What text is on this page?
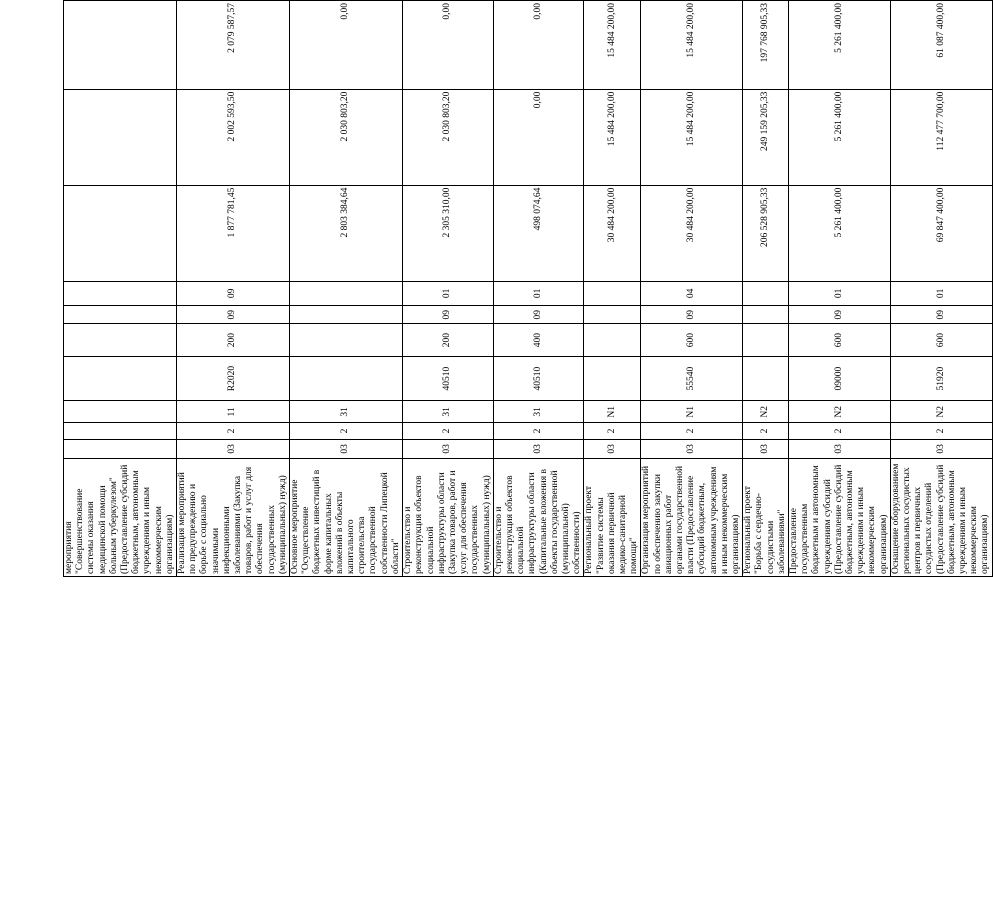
мероприятия "Совершенствование системы оказания медицинской помощи больным туберкулезом" (Предоставление субсидий бюджетным, автономным учреждениям и иным некоммерческим организациям)										
Реализация мероприятий по предупреждению и борьбе с социально значимыми инфекционными заболеваниями (Закупка товаров, работ и услуг для обеспечения государственных (муниципальных) нужд)	03	2	11	R2020	200	09	09	1 877 781,45	2 002 593,50	2 079 587,57
Основное мероприятие "Осуществление бюджетных инвестиций в форме капитальных вложений в объекты капитального строительства государственной собственности Липецкой области"	03	2	31					2 803 384,64	2 030 803,20	0,00
Строительство и реконструкция объектов социальной инфраструктуры области (Закупка товаров, работ и услуг для обеспечения государственных (муниципальных) нужд)	03	2	31	40510	200	09	01	2 305 310,00	2 030 803,20	0,00
Строительство и реконструкция объектов социальной инфраструктуры области (Капитальные вложения в объекты государственной (муниципальной) собственности)	03	2	31	40510	400	09	01	498 074,64	0,00	0,00
Региональный проект "Развитие системы оказания первичной медико-санитарной помощи"	03	2	N1					30 484 200,00	15 484 200,00	15 484 200,00
Организация мероприятий по обеспечению закупки авиационных работ органами государственной власти (Предоставление субсидий бюджетным, автономным учреждениям и иным некоммерческим организациям)	03	2	N1	55540	600	09	04	30 484 200,00	15 484 200,00	15 484 200,00
Региональный проект "Борьба с сердечно-сосудистыми заболеваниями"	03	2	N2					206 528 905,33	249 159 205,33	197 768 905,33
Предоставление государственным бюджетным и автономным учреждениям субсидий (Предоставление субсидий бюджетным, автономным учреждениям и иным некоммерческим организациям)	03	2	N2	09000	600	09	01	5 261 400,00	5 261 400,00	5 261 400,00
Оснащение оборудованием региональных сосудистых центров и первичных сосудистых отделений (Предоставление субсидий бюджетным, автономным учреждениям и иным некоммерческим организациям)	03	2	N2	51920	600	09	01	69 847 400,00	112 477 700,00	61 087 400,00
